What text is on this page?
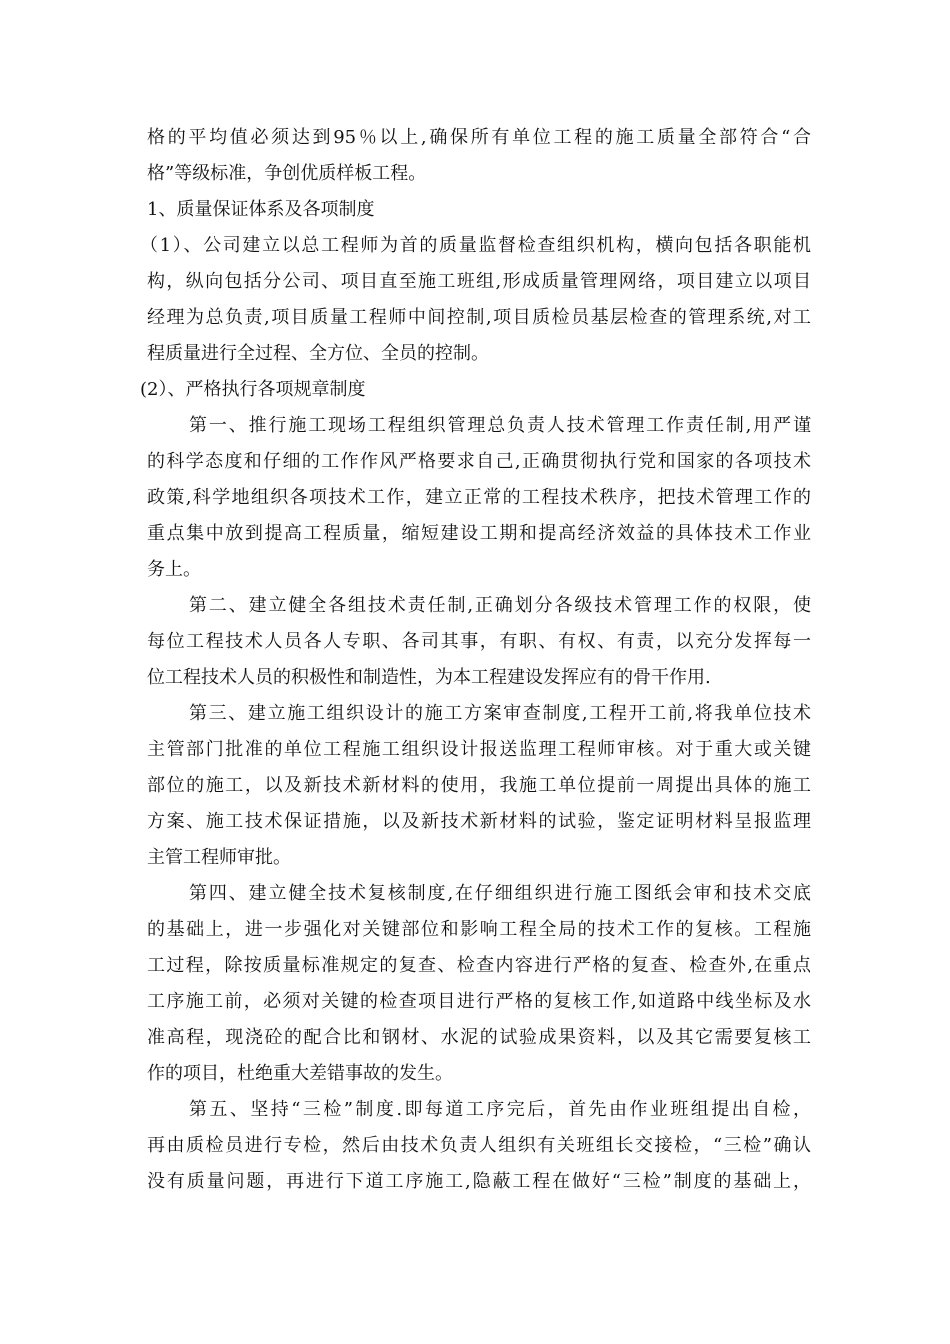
格的平均值必须达到95％以上,确保所有单位工程的施工质量全部符合“合
格”等级标准，争创优质样板工程。
1、质量保证体系及各项制度
（1）、公司建立以总工程师为首的质量监督检查组织机构，横向包括各职能机
构，纵向包括分公司、项目直至施工班组,形成质量管理网络，项目建立以项目
经理为总负责,项目质量工程师中间控制,项目质检员基层检查的管理系统,对工
程质量进行全过程、全方位、全员的控制。
(2）、严格执行各项规章制度
第一、推行施工现场工程组织管理总负责人技术管理工作责任制,用严谨
的科学态度和仔细的工作作风严格要求自己,正确贯彻执行党和国家的各项技术
政策,科学地组织各项技术工作，建立正常的工程技术秩序，把技术管理工作的
重点集中放到提高工程质量，缩短建设工期和提高经济效益的具体技术工作业
务上。
第二、建立健全各组技术责任制,正确划分各级技术管理工作的权限，使
每位工程技术人员各人专职、各司其事，有职、有权、有责，以充分发挥每一
位工程技术人员的积极性和制造性，为本工程建设发挥应有的骨干作用.
第三、建立施工组织设计的施工方案审查制度,工程开工前,将我单位技术
主管部门批准的单位工程施工组织设计报送监理工程师审核。对于重大或关键
部位的施工，以及新技术新材料的使用，我施工单位提前一周提出具体的施工
方案、施工技术保证措施，以及新技术新材料的试验，鉴定证明材料呈报监理
主管工程师审批。
第四、建立健全技术复核制度,在仔细组织进行施工图纸会审和技术交底
的基础上，进一步强化对关键部位和影响工程全局的技术工作的复核。工程施
工过程，除按质量标准规定的复查、检查内容进行严格的复查、检查外,在重点
工序施工前，必须对关键的检查项目进行严格的复核工作,如道路中线坐标及水
准高程，现浇砼的配合比和钢材、水泥的试验成果资料，以及其它需要复核工
作的项目，杜绝重大差错事故的发生。
第五、坚持“三检”制度.即每道工序完后，首先由作业班组提出自检，
再由质检员进行专检，然后由技术负责人组织有关班组长交接检，“三检”确认
没有质量问题，再进行下道工序施工,隐蔽工程在做好“三检”制度的基础上，
